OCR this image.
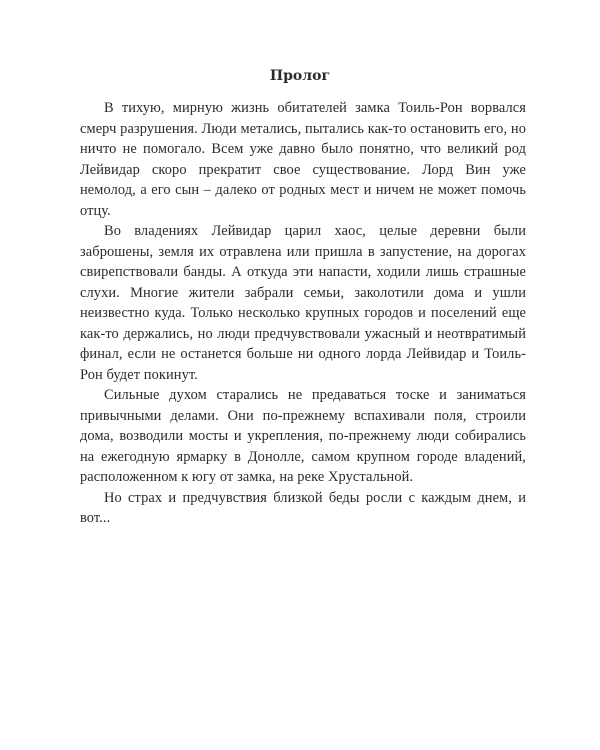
Пролог

В тихую, мирную жизнь обитателей замка Тоиль-Рон ворвался смерч разрушения. Люди метались, пытались как-то остановить его, но ничто не помогало. Всем уже давно было понятно, что великий род Лейвидар скоро прекратит свое существование. Лорд Вин уже немолод, а его сын – далеко от родных мест и ничем не может помочь отцу.

Во владениях Лейвидар царил хаос, целые деревни были заброшены, земля их отравлена или пришла в запустение, на дорогах свирепствовали банды. А откуда эти напасти, ходили лишь страшные слухи. Многие жители забрали семьи, заколотили дома и ушли неизвестно куда. Только несколько крупных городов и поселений еще как-то держались, но люди предчувствовали ужасный и неотвратимый финал, если не останется больше ни одного лорда Лейвидар и Тоиль-Рон будет покинут.

Сильные духом старались не предаваться тоске и заниматься привычными делами. Они по-прежнему вспахивали поля, строили дома, возводили мосты и укрепления, по-прежнему люди собирались на ежегодную ярмарку в Донолле, самом крупном городе владений, расположенном к югу от замка, на реке Хрустальной.

Но страх и предчувствия близкой беды росли с каждым днем, и вот...
